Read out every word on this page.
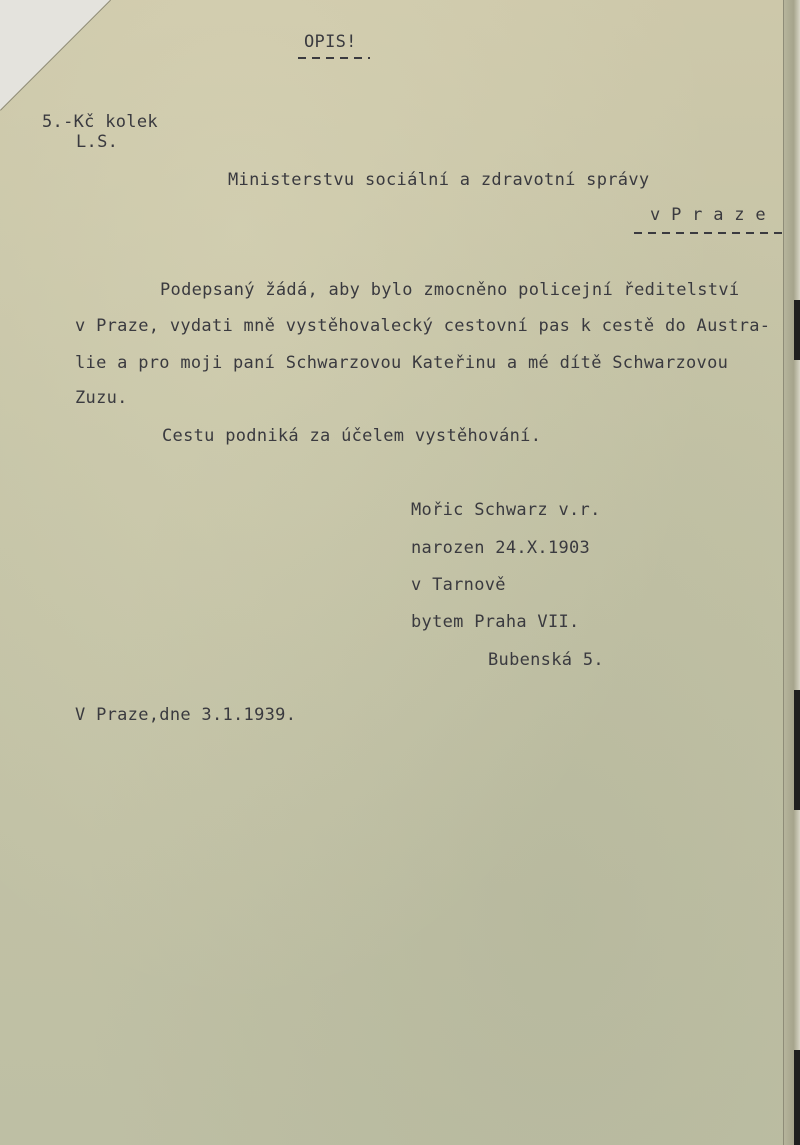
OPIS!
5.-Kč kolek
L.S.
Ministerstvu sociální a zdravotní správy
v P r a z e
Podepsaný žádá, aby bylo zmocněno policejní ředitelství
v Praze, vydati mně vystěhovalecký cestovní pas k cestě do Austra-
lie a pro moji paní Schwarzovou Kateřinu a mé dítě Schwarzovou
Zuzu.
Cestu podniká za účelem vystěhování.
Mořic Schwarz v.r.
narozen 24.X.1903
v Tarnově
bytem Praha VII.
Bubenská 5.
V Praze,dne 3.1.1939.
